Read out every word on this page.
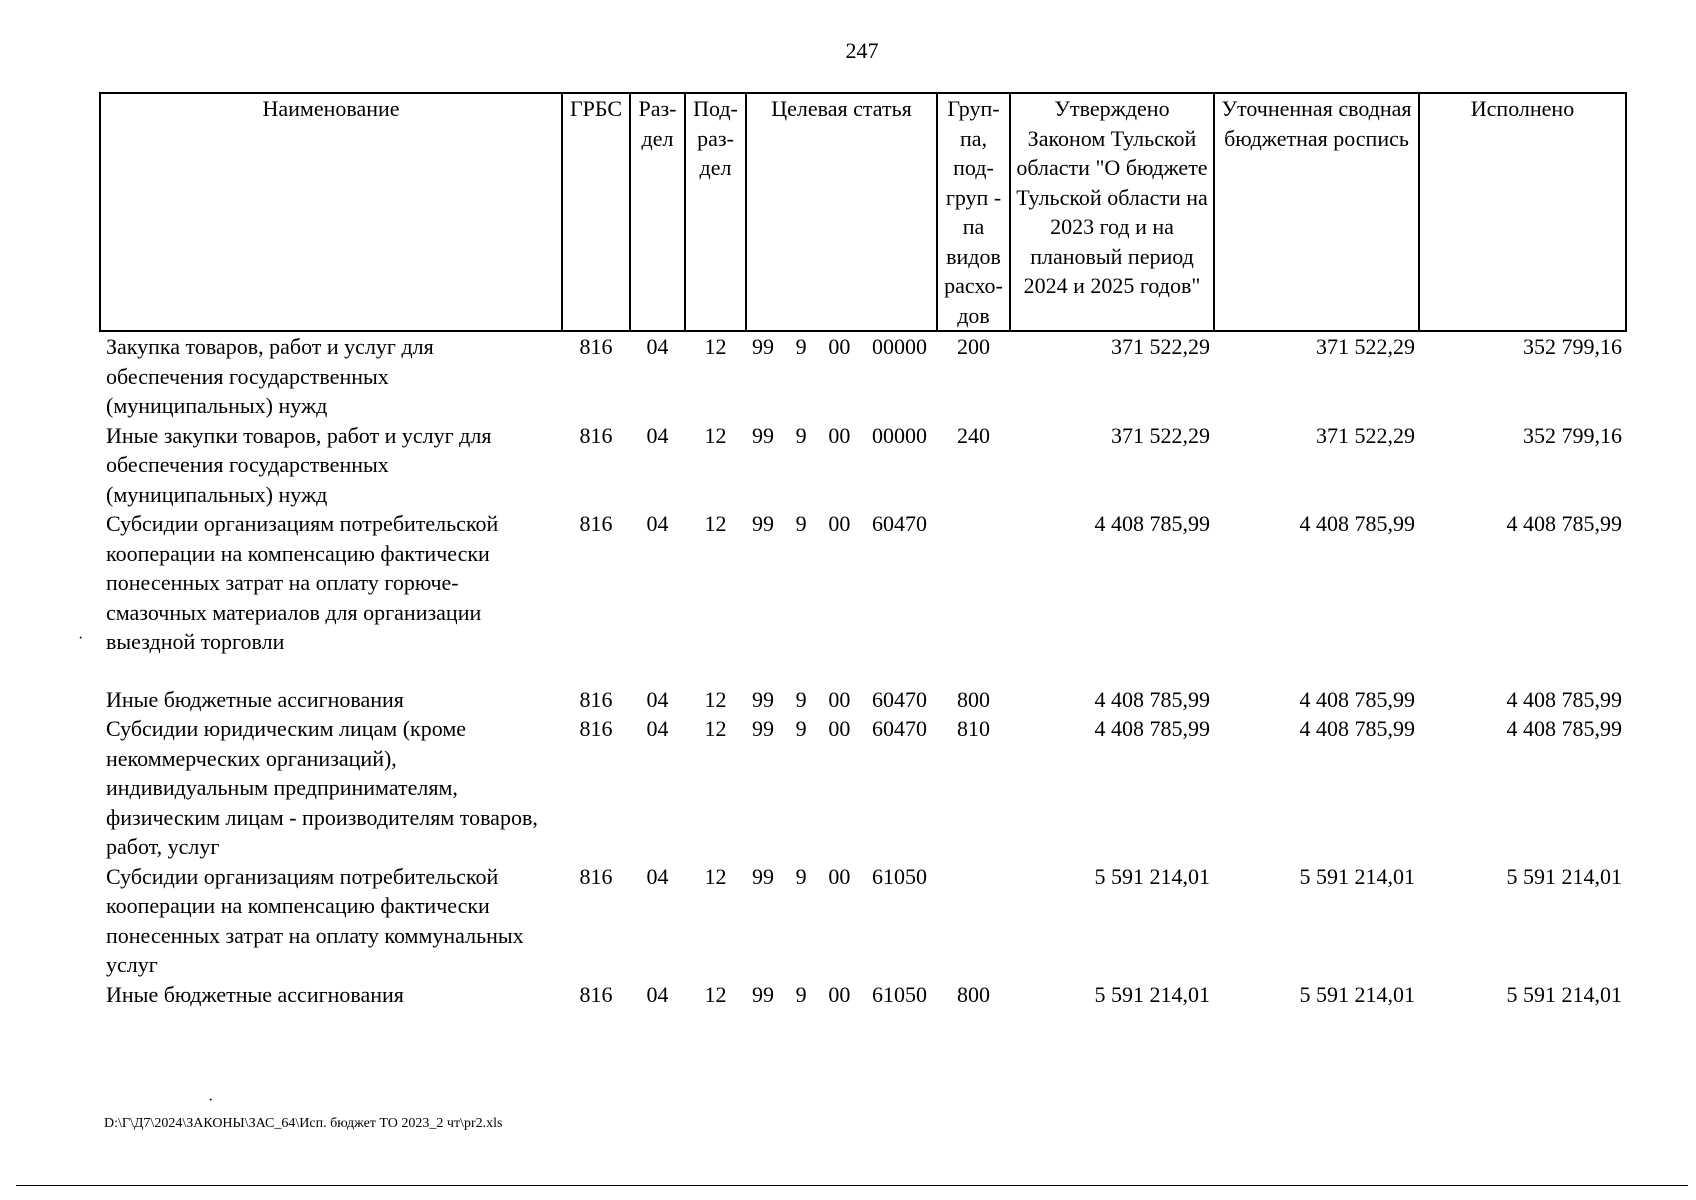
247
Наименование	ГРБС	Раз-дел	Под-раз-дел	Целевая статья	Груп-па, под-груп - па видов расхо-дов	Утверждено Законом Тульской области "О бюджете Тульской области на 2023 год и на плановый период 2024 и 2025 годов"	Уточненная сводная бюджетная роспись	Исполнено
Закупка товаров, работ и услуг для обеспечения государственных (муниципальных) нужд	816	04	12	99 9 00 00000	200	371 522,29	371 522,29	352 799,16
Иные закупки товаров, работ и услуг для обеспечения государственных (муниципальных) нужд	816	04	12	99 9 00 00000	240	371 522,29	371 522,29	352 799,16
Субсидии организациям потребительской кооперации на компенсацию фактически понесенных затрат на оплату горюче-смазочных материалов для организации выездной торговли	816	04	12	99 9 00 60470		4 408 785,99	4 408 785,99	4 408 785,99
Иные бюджетные ассигнования	816	04	12	99 9 00 60470	800	4 408 785,99	4 408 785,99	4 408 785,99
Субсидии юридическим лицам (кроме некоммерческих организаций), индивидуальным предпринимателям, физическим лицам - производителям товаров, работ, услуг	816	04	12	99 9 00 60470	810	4 408 785,99	4 408 785,99	4 408 785,99
Субсидии организациям потребительской кооперации на компенсацию фактически понесенных затрат на оплату коммунальных услуг	816	04	12	99 9 00 61050		5 591 214,01	5 591 214,01	5 591 214,01
Иные бюджетные ассигнования	816	04	12	99 9 00 61050	800	5 591 214,01	5 591 214,01	5 591 214,01
·
·
D:\Г\Д7\2024\ЗАКОНЫ\ЗАС_64\Исп. бюджет ТО 2023_2 чт\pr2.xls
